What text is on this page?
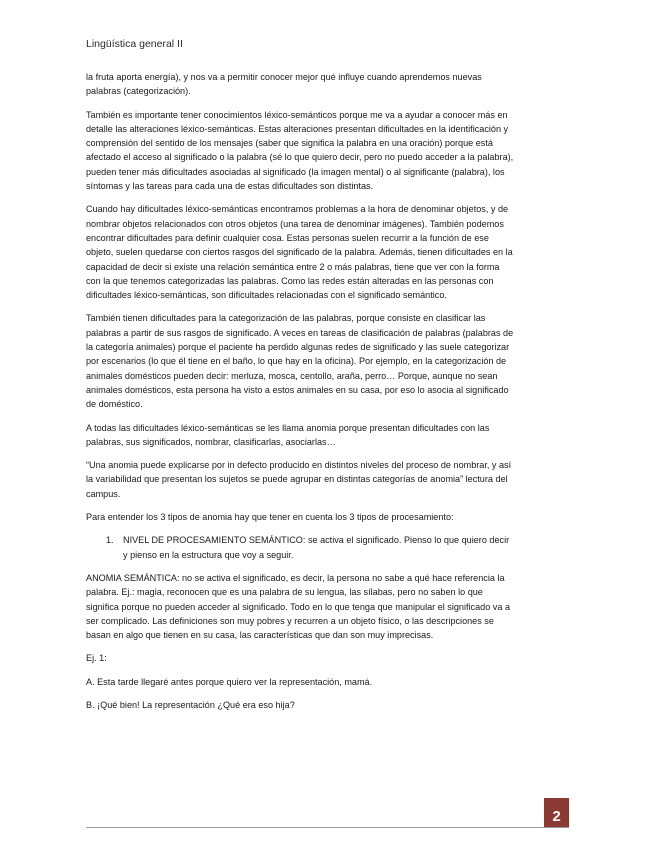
Lingüística general II

la fruta aporta energía), y nos va a permitir conocer mejor qué influye cuando aprendemos nuevas palabras (categorización).

También es importante tener conocimientos léxico-semánticos porque me va a ayudar a conocer más en detalle las alteraciones léxico-semánticas. Estas alteraciones presentan dificultades en la identificación y comprensión del sentido de los mensajes (saber que significa la palabra en una oración) porque está afectado el acceso al significado o la palabra (sé lo que quiero decir, pero no puedo acceder a la palabra), pueden tener más dificultades asociadas al significado (la imagen mental) o al significante (palabra), los síntomas y las tareas para cada una de estas dificultades son distintas.

Cuando hay dificultades léxico-semánticas encontramos problemas a la hora de denominar objetos, y de nombrar objetos relacionados con otros objetos (una tarea de denominar imágenes). También podemos encontrar dificultades para definir cualquier cosa. Estas personas suelen recurrir a la función de ese objeto, suelen quedarse con ciertos rasgos del significado de la palabra. Además, tienen dificultades en la capacidad de decir si existe una relación semántica entre 2 o más palabras, tiene que ver con la forma con la que tenemos categorizadas las palabras. Como las redes están alteradas en las personas con dificultades léxico-semánticas, son dificultades relacionadas con el significado semántico.

También tienen dificultades para la categorización de las palabras, porque consiste en clasificar las palabras a partir de sus rasgos de significado. A veces en tareas de clasificación de palabras (palabras de la categoría animales) porque el paciente ha perdido algunas redes de significado y las suele categorizar por escenarios (lo que él tiene en el baño, lo que hay en la oficina). Por ejemplo, en la categorización de animales domésticos pueden decir: merluza, mosca, centollo, araña, perro… Porque, aunque no sean animales domésticos, esta persona ha visto a estos animales en su casa, por eso lo asocia al significado de doméstico.

A todas las dificultades léxico-semánticas se les llama anomia porque presentan dificultades con las palabras, sus significados, nombrar, clasificarlas, asociarlas…

“Una anomia puede explicarse por in defecto producido en distintos niveles del proceso de nombrar, y así la variabilidad que presentan los sujetos se puede agrupar en distintas categorías de anomia” lectura del campus.

Para entender los 3 tipos de anomia hay que tener en cuenta los 3 tipos de procesamiento:

1. NIVEL DE PROCESAMIENTO SEMÁNTICO: se activa el significado. Pienso lo que quiero decir y pienso en la estructura que voy a seguir.

ANOMIA SEMÁNTICA: no se activa el significado, es decir, la persona no sabe a qué hace referencia la palabra. Ej.: magia, reconocen que es una palabra de su lengua, las sílabas, pero no saben lo que significa porque no pueden acceder al significado. Todo en lo que tenga que manipular el significado va a ser complicado. Las definiciones son muy pobres y recurren a un objeto físico, o las descripciones se basan en algo que tienen en su casa, las características que dan son muy imprecisas.

Ej. 1:

A. Esta tarde llegaré antes porque quiero ver la representación, mamá.

B. ¡Qué bien! La representación ¿Qué era eso hija?

2
